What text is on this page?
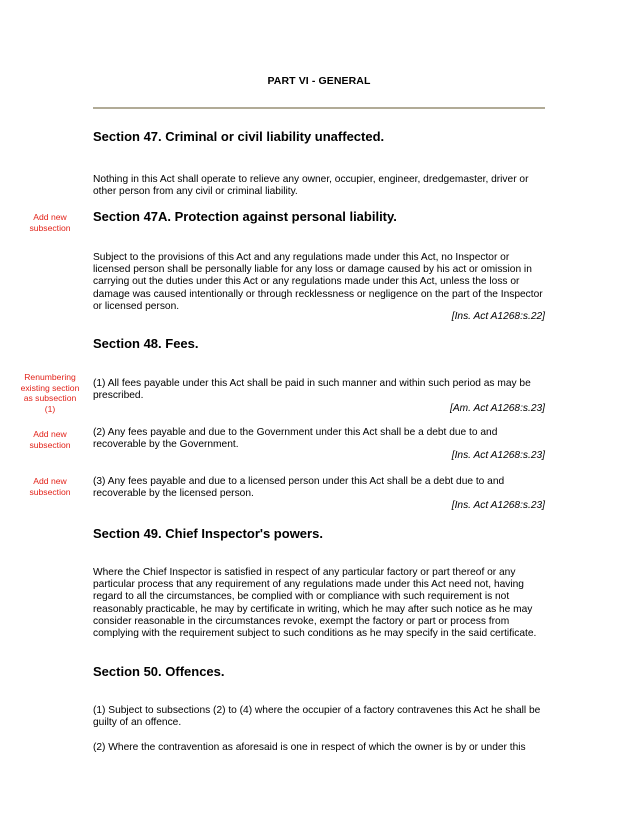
PART VI - GENERAL
Section 47. Criminal or civil liability unaffected.

Nothing in this Act shall operate to relieve any owner, occupier, engineer, dredgemaster, driver or other person from any civil or criminal liability.

Add new subsection
Section 47A. Protection against personal liability.

Subject to the provisions of this Act and any regulations made under this Act, no Inspector or licensed person shall be personally liable for any loss or damage caused by his act or omission in carrying out the duties under this Act or any regulations made under this Act, unless the loss or damage was caused intentionally or through recklessness or negligence on the part of the Inspector or licensed person.

[Ins. Act A1268:s.22]
Section 48. Fees.
Renumbering existing section as subsection (1)

(1) All fees payable under this Act shall be paid in such manner and within such period as may be prescribed.

[Am. Act A1268:s.23]
Add new subsection

(2) Any fees payable and due to the Government under this Act shall be a debt due to and recoverable by the Government.

[Ins. Act A1268:s.23]
Add new subsection

(3) Any fees payable and due to a licensed person under this Act shall be a debt due to and recoverable by the licensed person.

[Ins. Act A1268:s.23]
Section 49. Chief Inspector's powers.

Where the Chief Inspector is satisfied in respect of any particular factory or part thereof or any particular process that any requirement of any regulations made under this Act need not, having regard to all the circumstances, be complied with or compliance with such requirement is not reasonably practicable, he may by certificate in writing, which he may after such notice as he may consider reasonable in the circumstances revoke, exempt the factory or part or process from complying with the requirement subject to such conditions as he may specify in the said certificate.

Section 50. Offences.

(1) Subject to subsections (2) to (4) where the occupier of a factory contravenes this Act he shall be guilty of an offence.

(2) Where the contravention as aforesaid is one in respect of which the owner is by or under this
